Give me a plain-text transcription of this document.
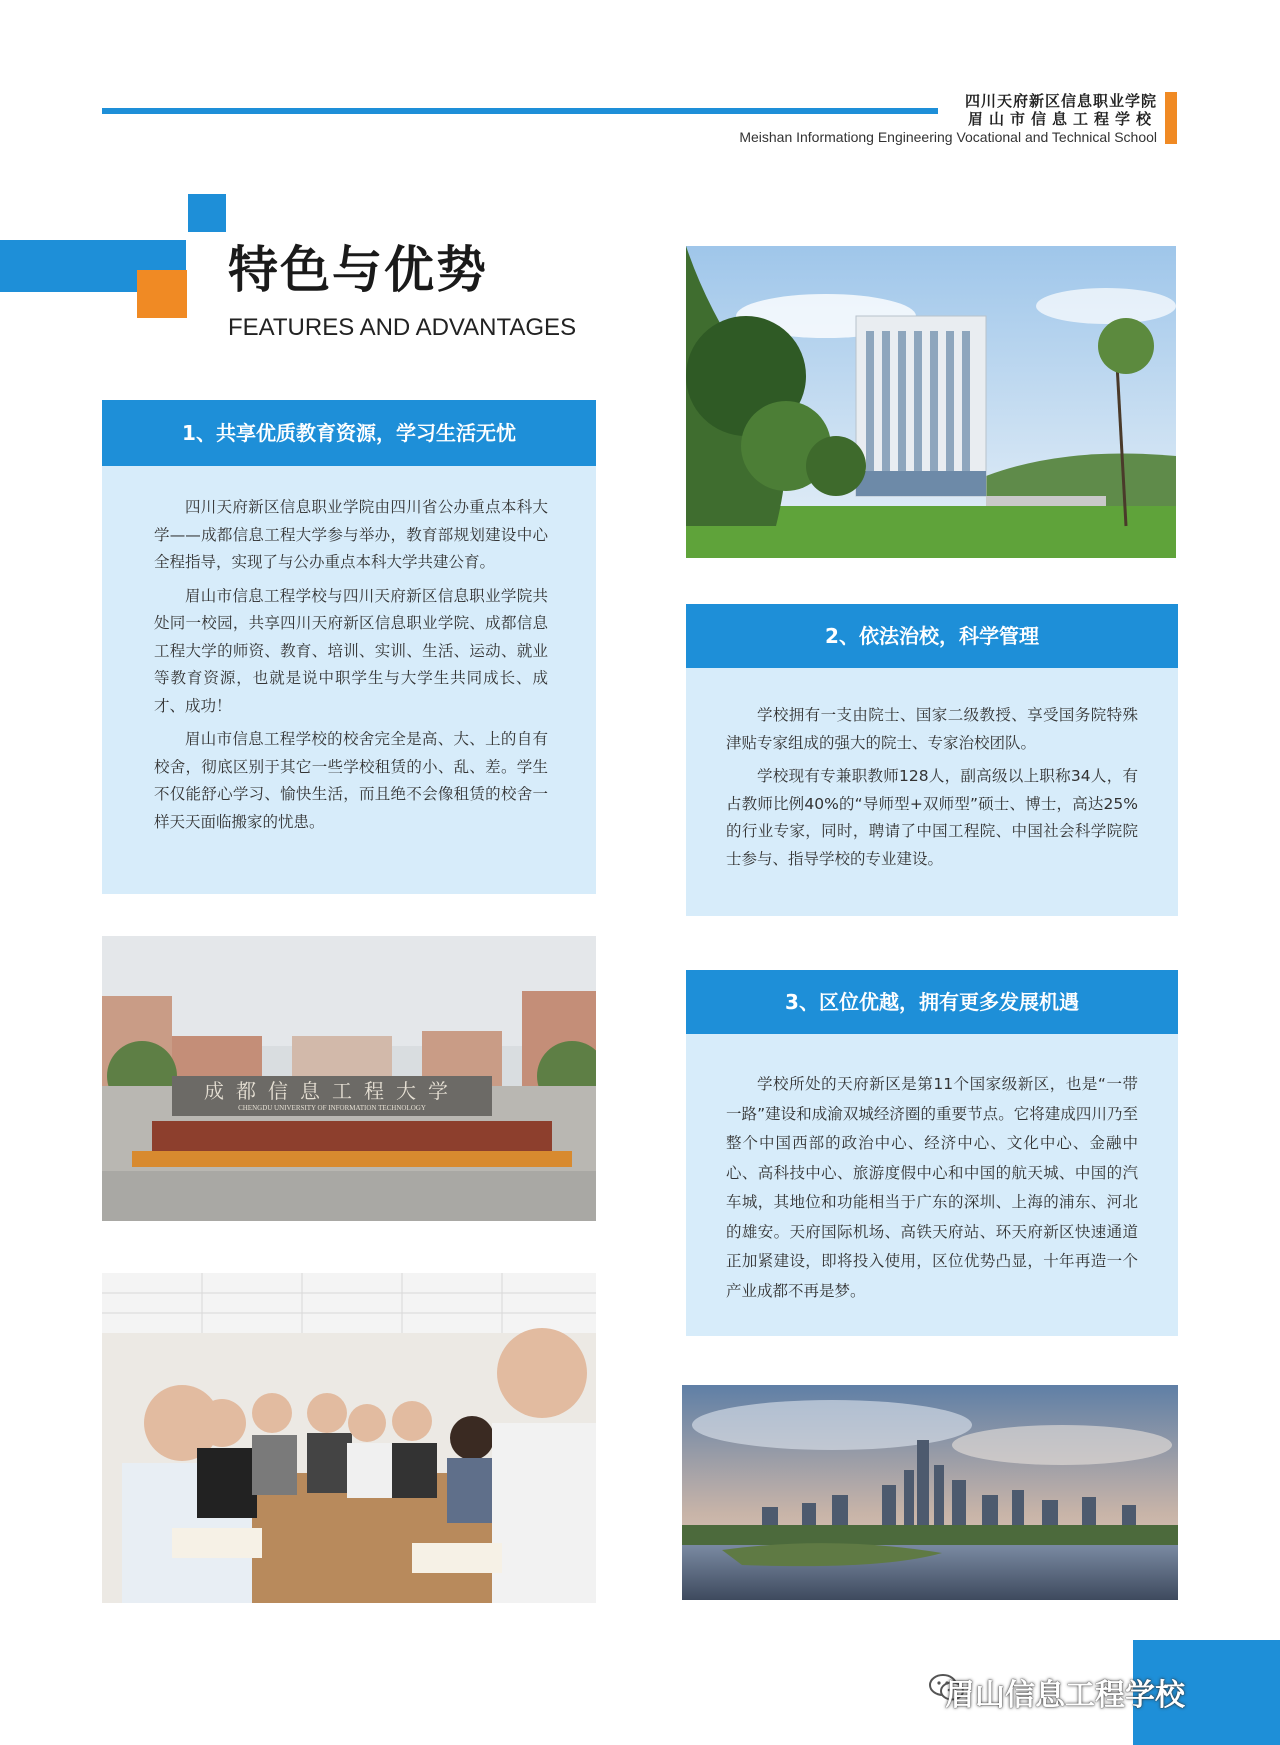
四川天府新区信息职业学院
眉山市信息工程学校
Meishan Informationg Engineering Vocational and Technical School
特色与优势
FEATURES AND ADVANTAGES
1、共享优质教育资源，学习生活无忧

四川天府新区信息职业学院由四川省公办重点本科大学——成都信息工程大学参与举办，教育部规划建设中心全程指导，实现了与公办重点本科大学共建公育。

眉山市信息工程学校与四川天府新区信息职业学院共处同一校园，共享四川天府新区信息职业学院、成都信息工程大学的师资、教育、培训、实训、生活、运动、就业等教育资源，也就是说中职学生与大学生共同成长、成才、成功！

眉山市信息工程学校的校舍完全是高、大、上的自有校舍，彻底区别于其它一些学校租赁的小、乱、差。学生不仅能舒心学习、愉快生活，而且绝不会像租赁的校舍一样天天面临搬家的忧患。

2、依法治校，科学管理

学校拥有一支由院士、国家二级教授、享受国务院特殊津贴专家组成的强大的院士、专家治校团队。

学校现有专兼职教师128人，副高级以上职称34人，有占教师比例40%的“导师型+双师型”硕士、博士，高达25%的行业专家，同时，聘请了中国工程院、中国社会科学院院士参与、指导学校的专业建设。

成都信息工程大学
CHENGDU UNIVERSITY OF INFORMATION TECHNOLOGY
3、区位优越，拥有更多发展机遇

学校所处的天府新区是第11个国家级新区，也是“一带一路”建设和成渝双城经济圈的重要节点。它将建成四川乃至整个中国西部的政治中心、经济中心、文化中心、金融中心、高科技中心、旅游度假中心和中国的航天城、中国的汽车城，其地位和功能相当于广东的深圳、上海的浦东、河北的雄安。天府国际机场、高铁天府站、环天府新区快速通道正加紧建设，即将投入使用，区位优势凸显，十年再造一个产业成都不再是梦。

眉山信息工程学校
